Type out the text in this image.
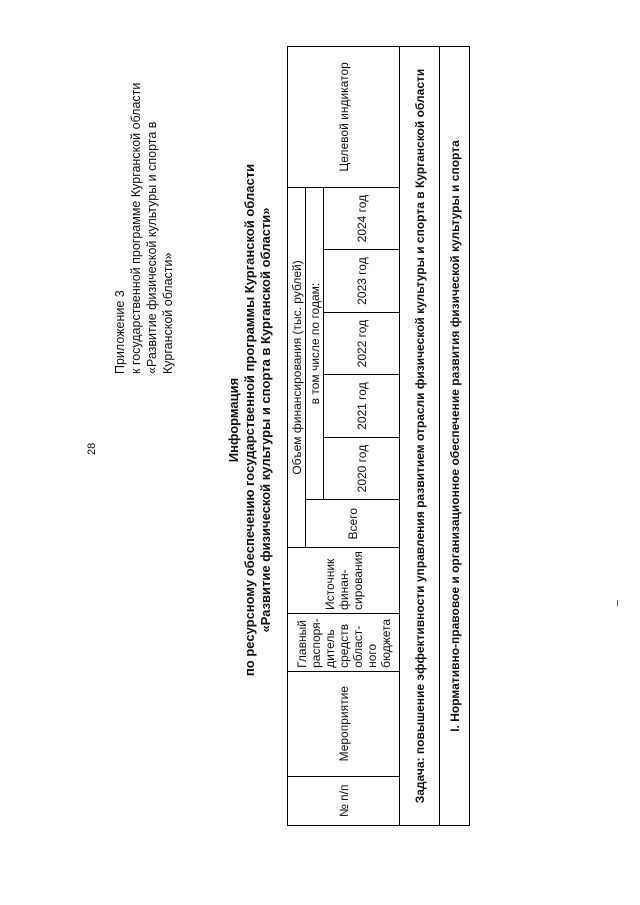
28
Приложение 3 к государственной программе Курганской области «Развитие физической культуры и спорта в Курганской области»
Информация по ресурсному обеспечению государственной программы Курганской области «Развитие физической культуры и спорта в Курганской области»
№ п/п	Мероприятие	Главный распоря-дитель средств област-ного бюджета	Источник финан-сирования	Объем финансирования (тыс. рублей)						Целевой индикатор
				Всего	в том числе по годам:					
					2020 год	2021 год	2022 год	2023 год	2024 год	
Задача: повышение эффективности управления развитием отрасли физической культуры и спорта в Курганской области										
I. Нормативно-правовое и организационное обеспечение развития физической культуры и спорта										
